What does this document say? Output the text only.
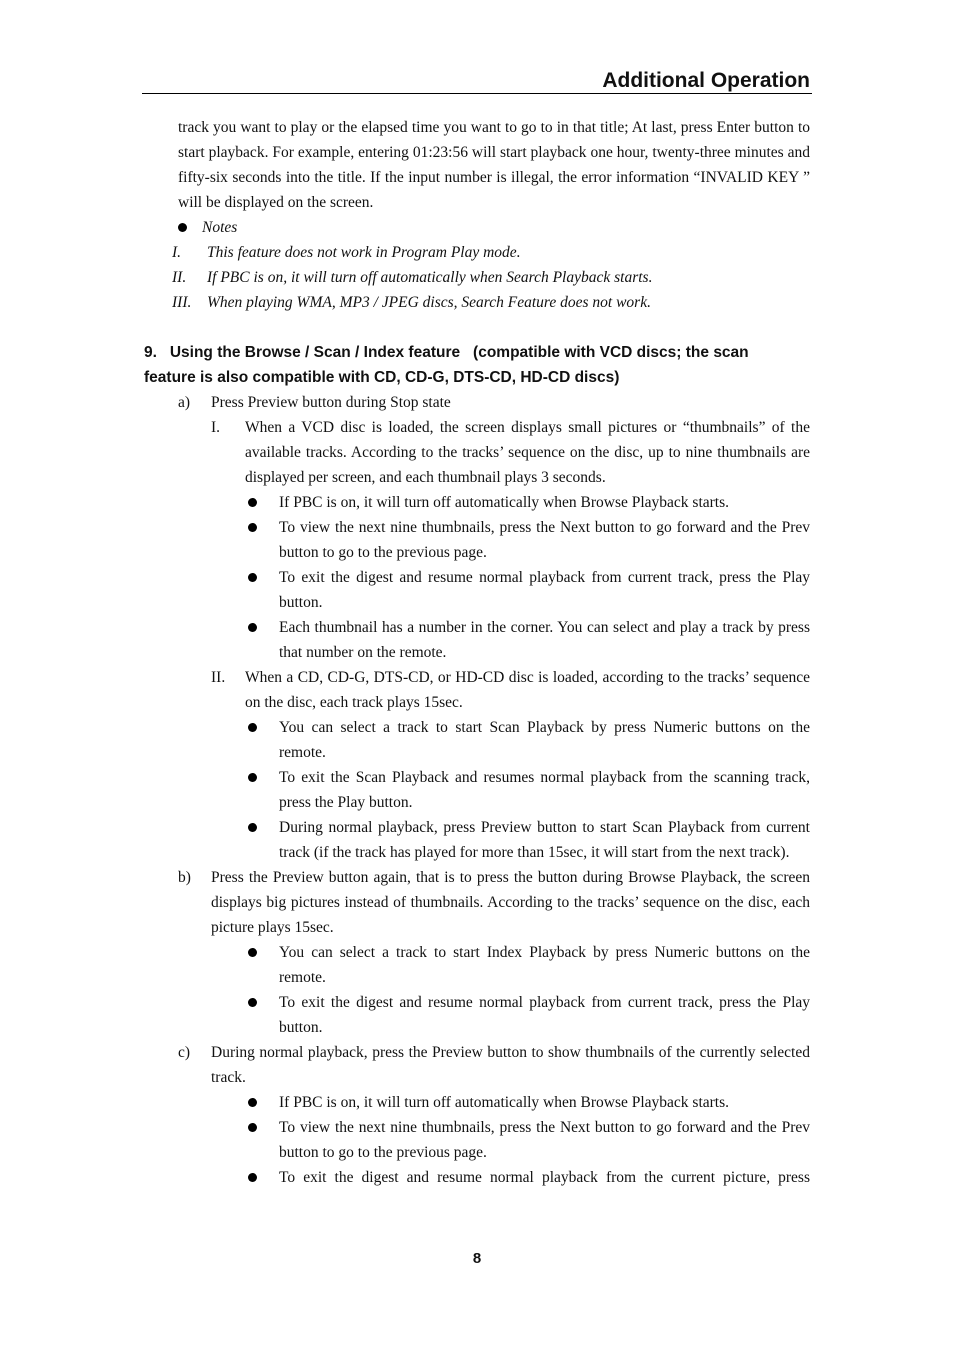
Additional Operation
track you want to play or the elapsed time you want to go to in that title; At last, press Enter button to start playback. For example, entering 01:23:56 will start playback one hour, twenty-three minutes and fifty-six seconds into the title. If the input number is illegal, the error information “INVALID KEY ” will be displayed on the screen.
Notes
I. This feature does not work in Program Play mode.
II. If PBC is on, it will turn off automatically when Search Playback starts.
III. When playing WMA, MP3 / JPEG discs, Search Feature does not work.
9.   Using the Browse / Scan / Index feature   (compatible with VCD discs; the scan
feature is also compatible with CD, CD-G, DTS-CD, HD-CD discs)
a) Press Preview button during Stop state
I. When a VCD disc is loaded, the screen displays small pictures or “thumbnails” of the available tracks. According to the tracks’ sequence on the disc, up to nine thumbnails are displayed per screen, and each thumbnail plays 3 seconds.
If PBC is on, it will turn off automatically when Browse Playback starts.
To view the next nine thumbnails, press the Next button to go forward and the Prev button to go to the previous page.
To exit the digest and resume normal playback from current track, press the Play button.
Each thumbnail has a number in the corner. You can select and play a track by press that number on the remote.
II. When a CD, CD-G, DTS-CD, or HD-CD disc is loaded, according to the tracks’ sequence on the disc, each track plays 15sec.
You can select a track to start Scan Playback by press Numeric buttons on the remote.
To exit the Scan Playback and resumes normal playback from the scanning track, press the Play button.
During normal playback, press Preview button to start Scan Playback from current track (if the track has played for more than 15sec, it will start from the next track).
b) Press the Preview button again, that is to press the button during Browse Playback, the screen displays big pictures instead of thumbnails. According to the tracks’ sequence on the disc, each picture plays 15sec.
You can select a track to start Index Playback by press Numeric buttons on the remote.
To exit the digest and resume normal playback from current track, press the Play button.
c) During normal playback, press the Preview button to show thumbnails of the currently selected track.
If PBC is on, it will turn off automatically when Browse Playback starts.
To view the next nine thumbnails, press the Next button to go forward and the Prev button to go to the previous page.
To exit the digest and resume normal playback from the current picture, press
8
